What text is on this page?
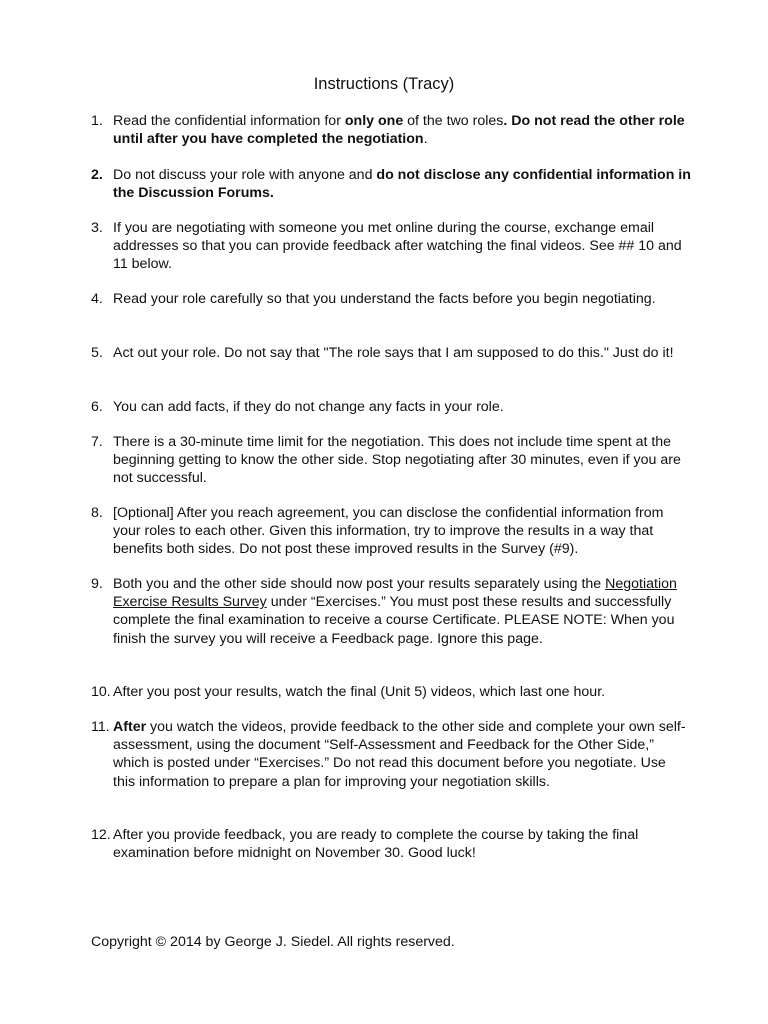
Instructions (Tracy)
1. Read the confidential information for only one of the two roles. Do not read the other role until after you have completed the negotiation.
2. Do not discuss your role with anyone and do not disclose any confidential information in the Discussion Forums.
3. If you are negotiating with someone you met online during the course, exchange email addresses so that you can provide feedback after watching the final videos. See ## 10 and 11 below.
4. Read your role carefully so that you understand the facts before you begin negotiating.
5. Act out your role. Do not say that "The role says that I am supposed to do this." Just do it!
6. You can add facts, if they do not change any facts in your role.
7. There is a 30-minute time limit for the negotiation. This does not include time spent at the beginning getting to know the other side. Stop negotiating after 30 minutes, even if you are not successful.
8. [Optional] After you reach agreement, you can disclose the confidential information from your roles to each other. Given this information, try to improve the results in a way that benefits both sides. Do not post these improved results in the Survey (#9).
9. Both you and the other side should now post your results separately using the Negotiation Exercise Results Survey under “Exercises.” You must post these results and successfully complete the final examination to receive a course Certificate. PLEASE NOTE: When you finish the survey you will receive a Feedback page. Ignore this page.
10. After you post your results, watch the final (Unit 5) videos, which last one hour.
11. After you watch the videos, provide feedback to the other side and complete your own self-assessment, using the document “Self-Assessment and Feedback for the Other Side,” which is posted under “Exercises.” Do not read this document before you negotiate. Use this information to prepare a plan for improving your negotiation skills.
12. After you provide feedback, you are ready to complete the course by taking the final examination before midnight on November 30. Good luck!
Copyright © 2014 by George J. Siedel. All rights reserved.
